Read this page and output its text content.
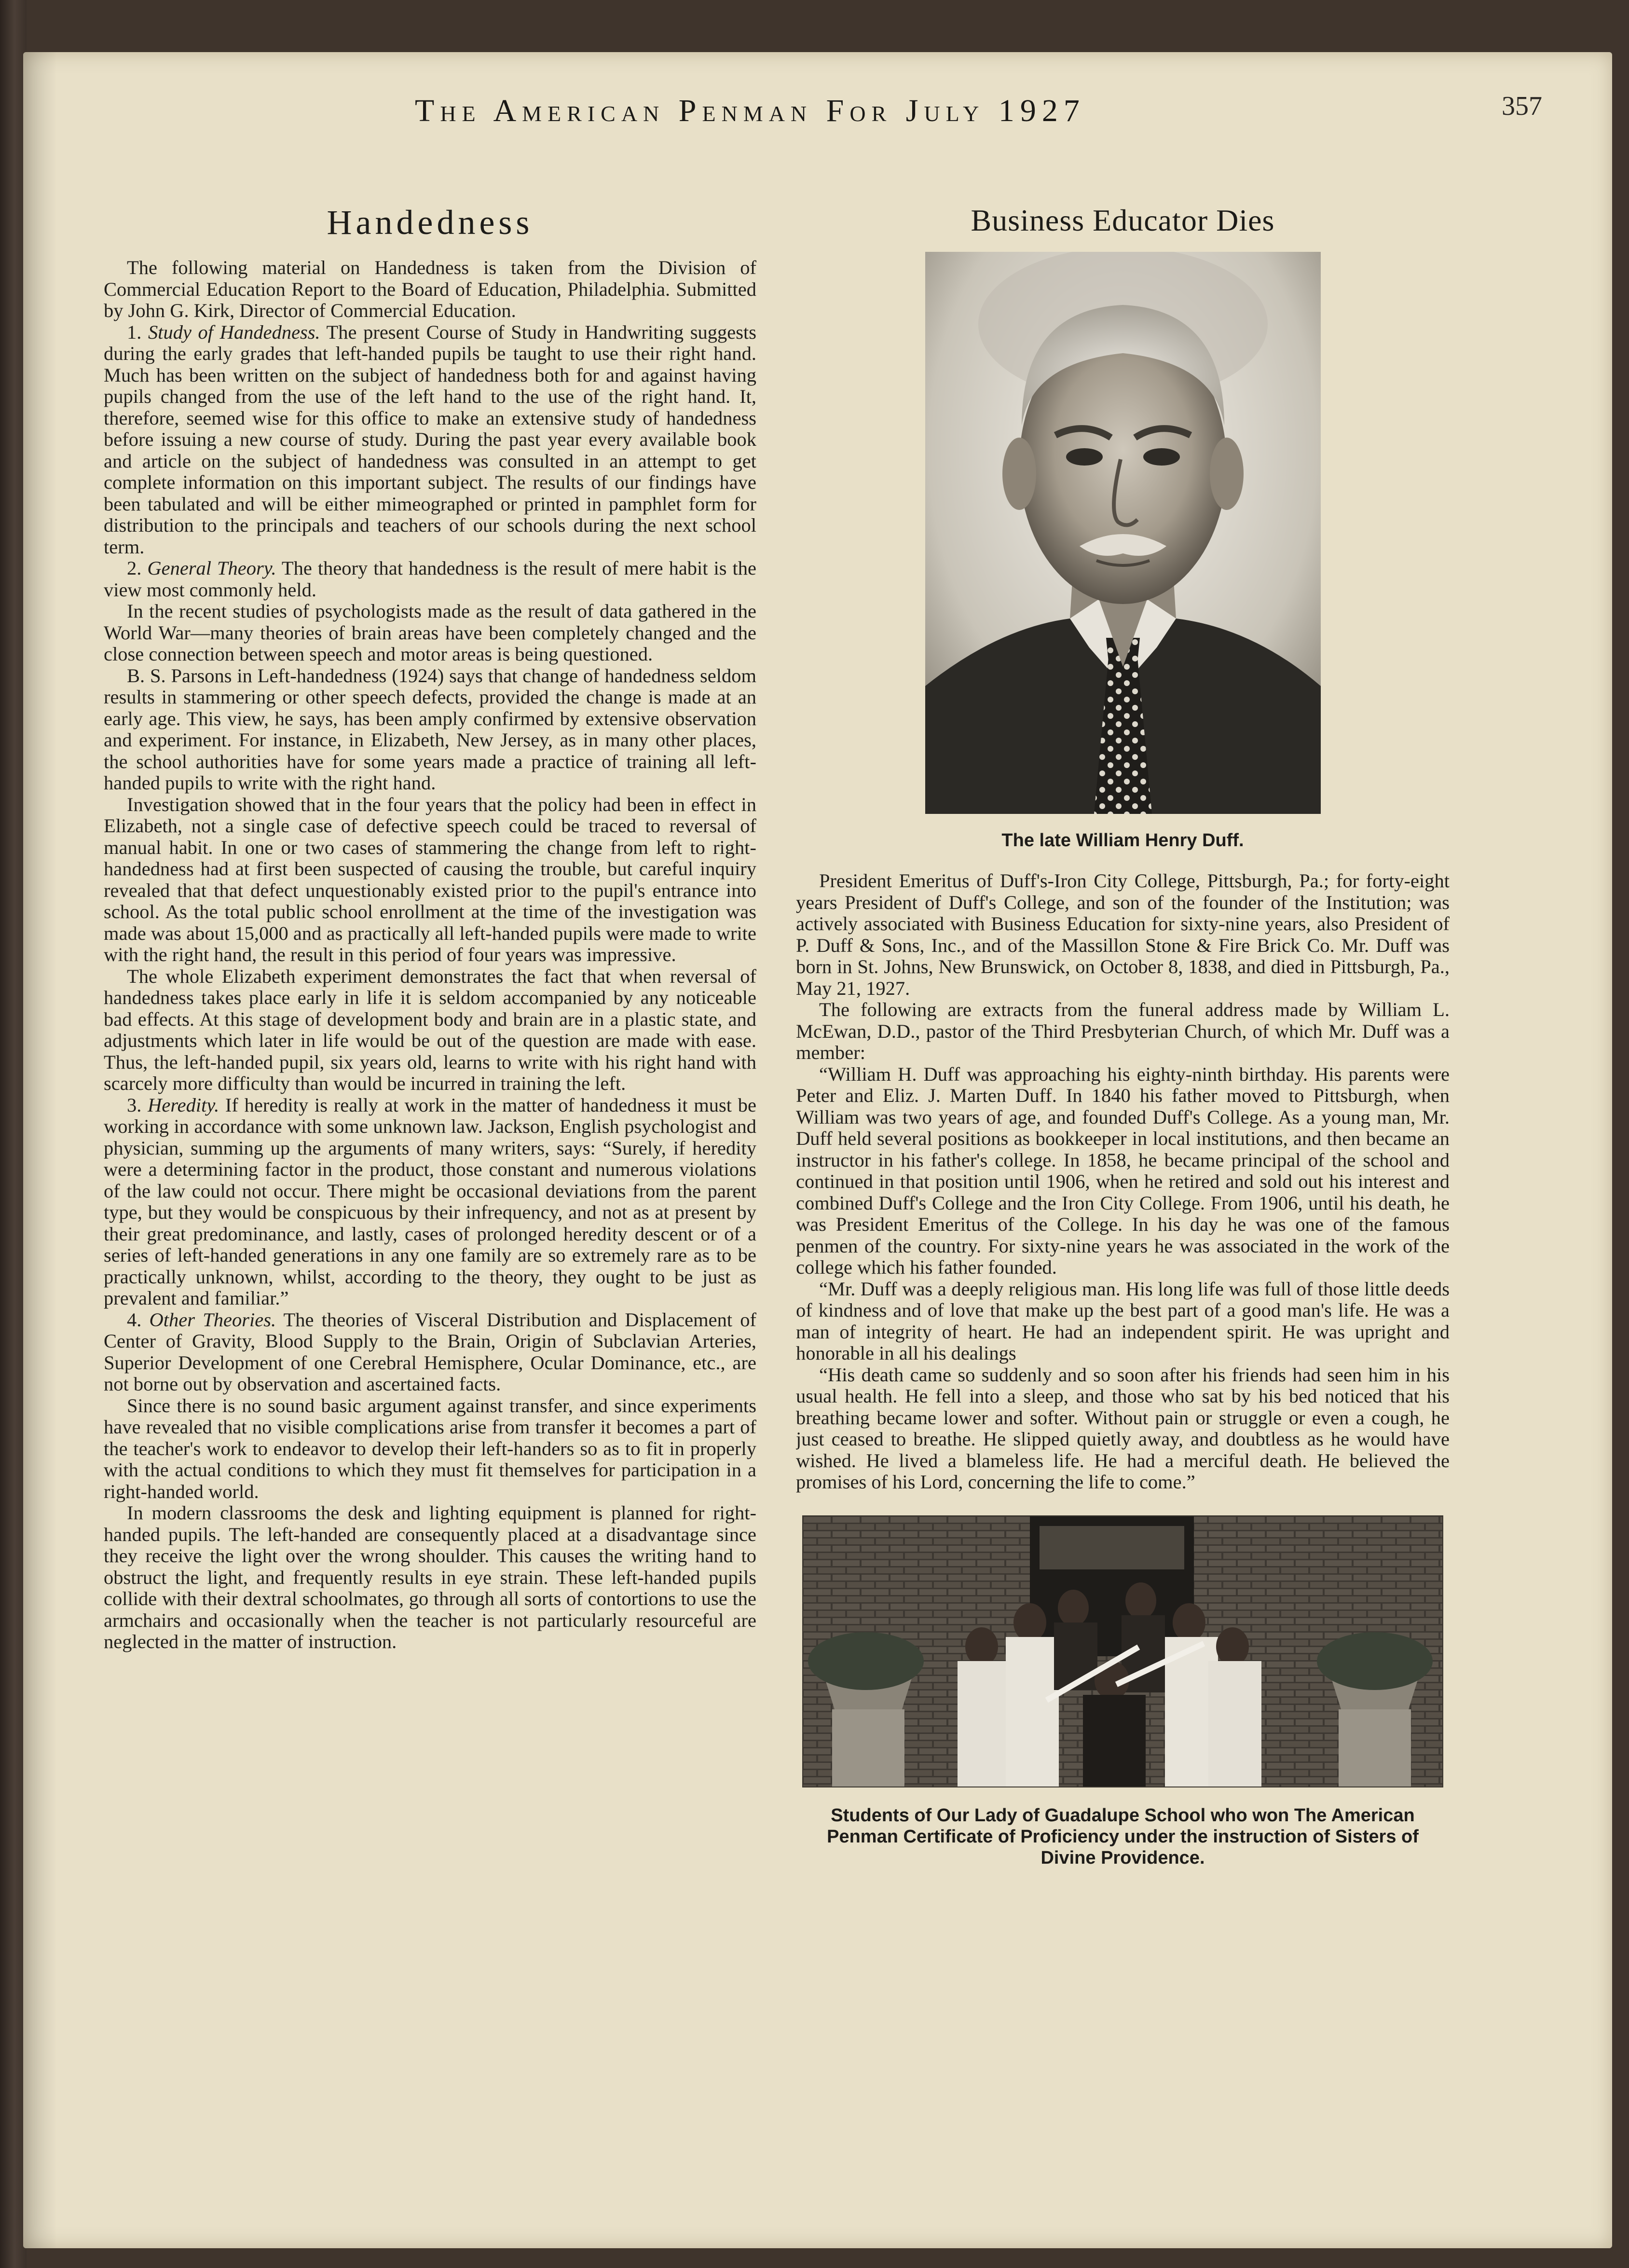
The American Penman For July 1927	357
Handedness

The following material on Handedness is taken from the Division of Commercial Education Report to the Board of Education, Philadelphia. Submitted by John G. Kirk, Director of Commercial Education.

1. Study of Handedness. The present Course of Study in Handwriting suggests during the early grades that left-handed pupils be taught to use their right hand. Much has been written on the subject of handedness both for and against having pupils changed from the use of the left hand to the use of the right hand. It, therefore, seemed wise for this office to make an extensive study of handedness before issuing a new course of study. During the past year every available book and article on the subject of handedness was consulted in an attempt to get complete information on this important subject. The results of our findings have been tabulated and will be either mimeographed or printed in pamphlet form for distribution to the principals and teachers of our schools during the next school term.

2. General Theory. The theory that handedness is the result of mere habit is the view most commonly held.

In the recent studies of psychologists made as the result of data gathered in the World War—many theories of brain areas have been completely changed and the close connection between speech and motor areas is being questioned.

B. S. Parsons in Left-handedness (1924) says that change of handedness seldom results in stammering or other speech defects, provided the change is made at an early age. This view, he says, has been amply confirmed by extensive observation and experiment. For instance, in Elizabeth, New Jersey, as in many other places, the school authorities have for some years made a practice of training all left-handed pupils to write with the right hand.

Investigation showed that in the four years that the policy had been in effect in Elizabeth, not a single case of defective speech could be traced to reversal of manual habit. In one or two cases of stammering the change from left to right-handedness had at first been suspected of causing the trouble, but careful inquiry revealed that that defect unquestionably existed prior to the pupil's entrance into school. As the total public school enrollment at the time of the investigation was made was about 15,000 and as practically all left-handed pupils were made to write with the right hand, the result in this period of four years was impressive.

The whole Elizabeth experiment demonstrates the fact that when reversal of handedness takes place early in life it is seldom accompanied by any noticeable bad effects. At this stage of development body and brain are in a plastic state, and adjustments which later in life would be out of the question are made with ease. Thus, the left-handed pupil, six years old, learns to write with his right hand with scarcely more difficulty than would be incurred in training the left.

3. Heredity. If heredity is really at work in the matter of handedness it must be working in accordance with some unknown law. Jackson, English psychologist and physician, summing up the arguments of many writers, says: “Surely, if heredity were a determining factor in the product, those constant and numerous violations of the law could not occur. There might be occasional deviations from the parent type, but they would be conspicuous by their infrequency, and not as at present by their great predominance, and lastly, cases of prolonged heredity descent or of a series of left-handed generations in any one family are so extremely rare as to be practically unknown, whilst, according to the theory, they ought to be just as prevalent and familiar.”

4. Other Theories. The theories of Visceral Distribution and Displacement of Center of Gravity, Blood Supply to the Brain, Origin of Subclavian Arteries, Superior Development of one Cerebral Hemisphere, Ocular Dominance, etc., are not borne out by observation and ascertained facts.

Since there is no sound basic argument against transfer, and since experiments have revealed that no visible complications arise from transfer it becomes a part of the teacher's work to endeavor to develop their left-handers so as to fit in properly with the actual conditions to which they must fit themselves for participation in a right-handed world.

In modern classrooms the desk and lighting equipment is planned for right-handed pupils. The left-handed are consequently placed at a disadvantage since they receive the light over the wrong shoulder. This causes the writing hand to obstruct the light, and frequently results in eye strain. These left-handed pupils collide with their dextral schoolmates, go through all sorts of contortions to use the armchairs and occasionally when the teacher is not particularly resourceful are neglected in the matter of instruction.

Business Educator Dies
The late William Henry Duff.

President Emeritus of Duff's-Iron City College, Pittsburgh, Pa.; for forty-eight years President of Duff's College, and son of the founder of the Institution; was actively associated with Business Education for sixty-nine years, also President of P. Duff & Sons, Inc., and of the Massillon Stone & Fire Brick Co. Mr. Duff was born in St. Johns, New Brunswick, on October 8, 1838, and died in Pittsburgh, Pa., May 21, 1927.

The following are extracts from the funeral address made by William L. McEwan, D.D., pastor of the Third Presbyterian Church, of which Mr. Duff was a member:

“William H. Duff was approaching his eighty-ninth birthday. His parents were Peter and Eliz. J. Marten Duff. In 1840 his father moved to Pittsburgh, when William was two years of age, and founded Duff's College. As a young man, Mr. Duff held several positions as bookkeeper in local institutions, and then became an instructor in his father's college. In 1858, he became principal of the school and continued in that position until 1906, when he retired and sold out his interest and combined Duff's College and the Iron City College. From 1906, until his death, he was President Emeritus of the College. In his day he was one of the famous penmen of the country. For sixty-nine years he was associated in the work of the college which his father founded.

“Mr. Duff was a deeply religious man. His long life was full of those little deeds of kindness and of love that make up the best part of a good man's life. He was a man of integrity of heart. He had an independent spirit. He was upright and honorable in all his dealings

“His death came so suddenly and so soon after his friends had seen him in his usual health. He fell into a sleep, and those who sat by his bed noticed that his breathing became lower and softer. Without pain or struggle or even a cough, he just ceased to breathe. He slipped quietly away, and doubtless as he would have wished. He lived a blameless life. He had a merciful death. He believed the promises of his Lord, concerning the life to come.”

Students of Our Lady of Guadalupe School who won The American Penman Certificate of Proficiency under the instruction of Sisters of Divine Providence.
